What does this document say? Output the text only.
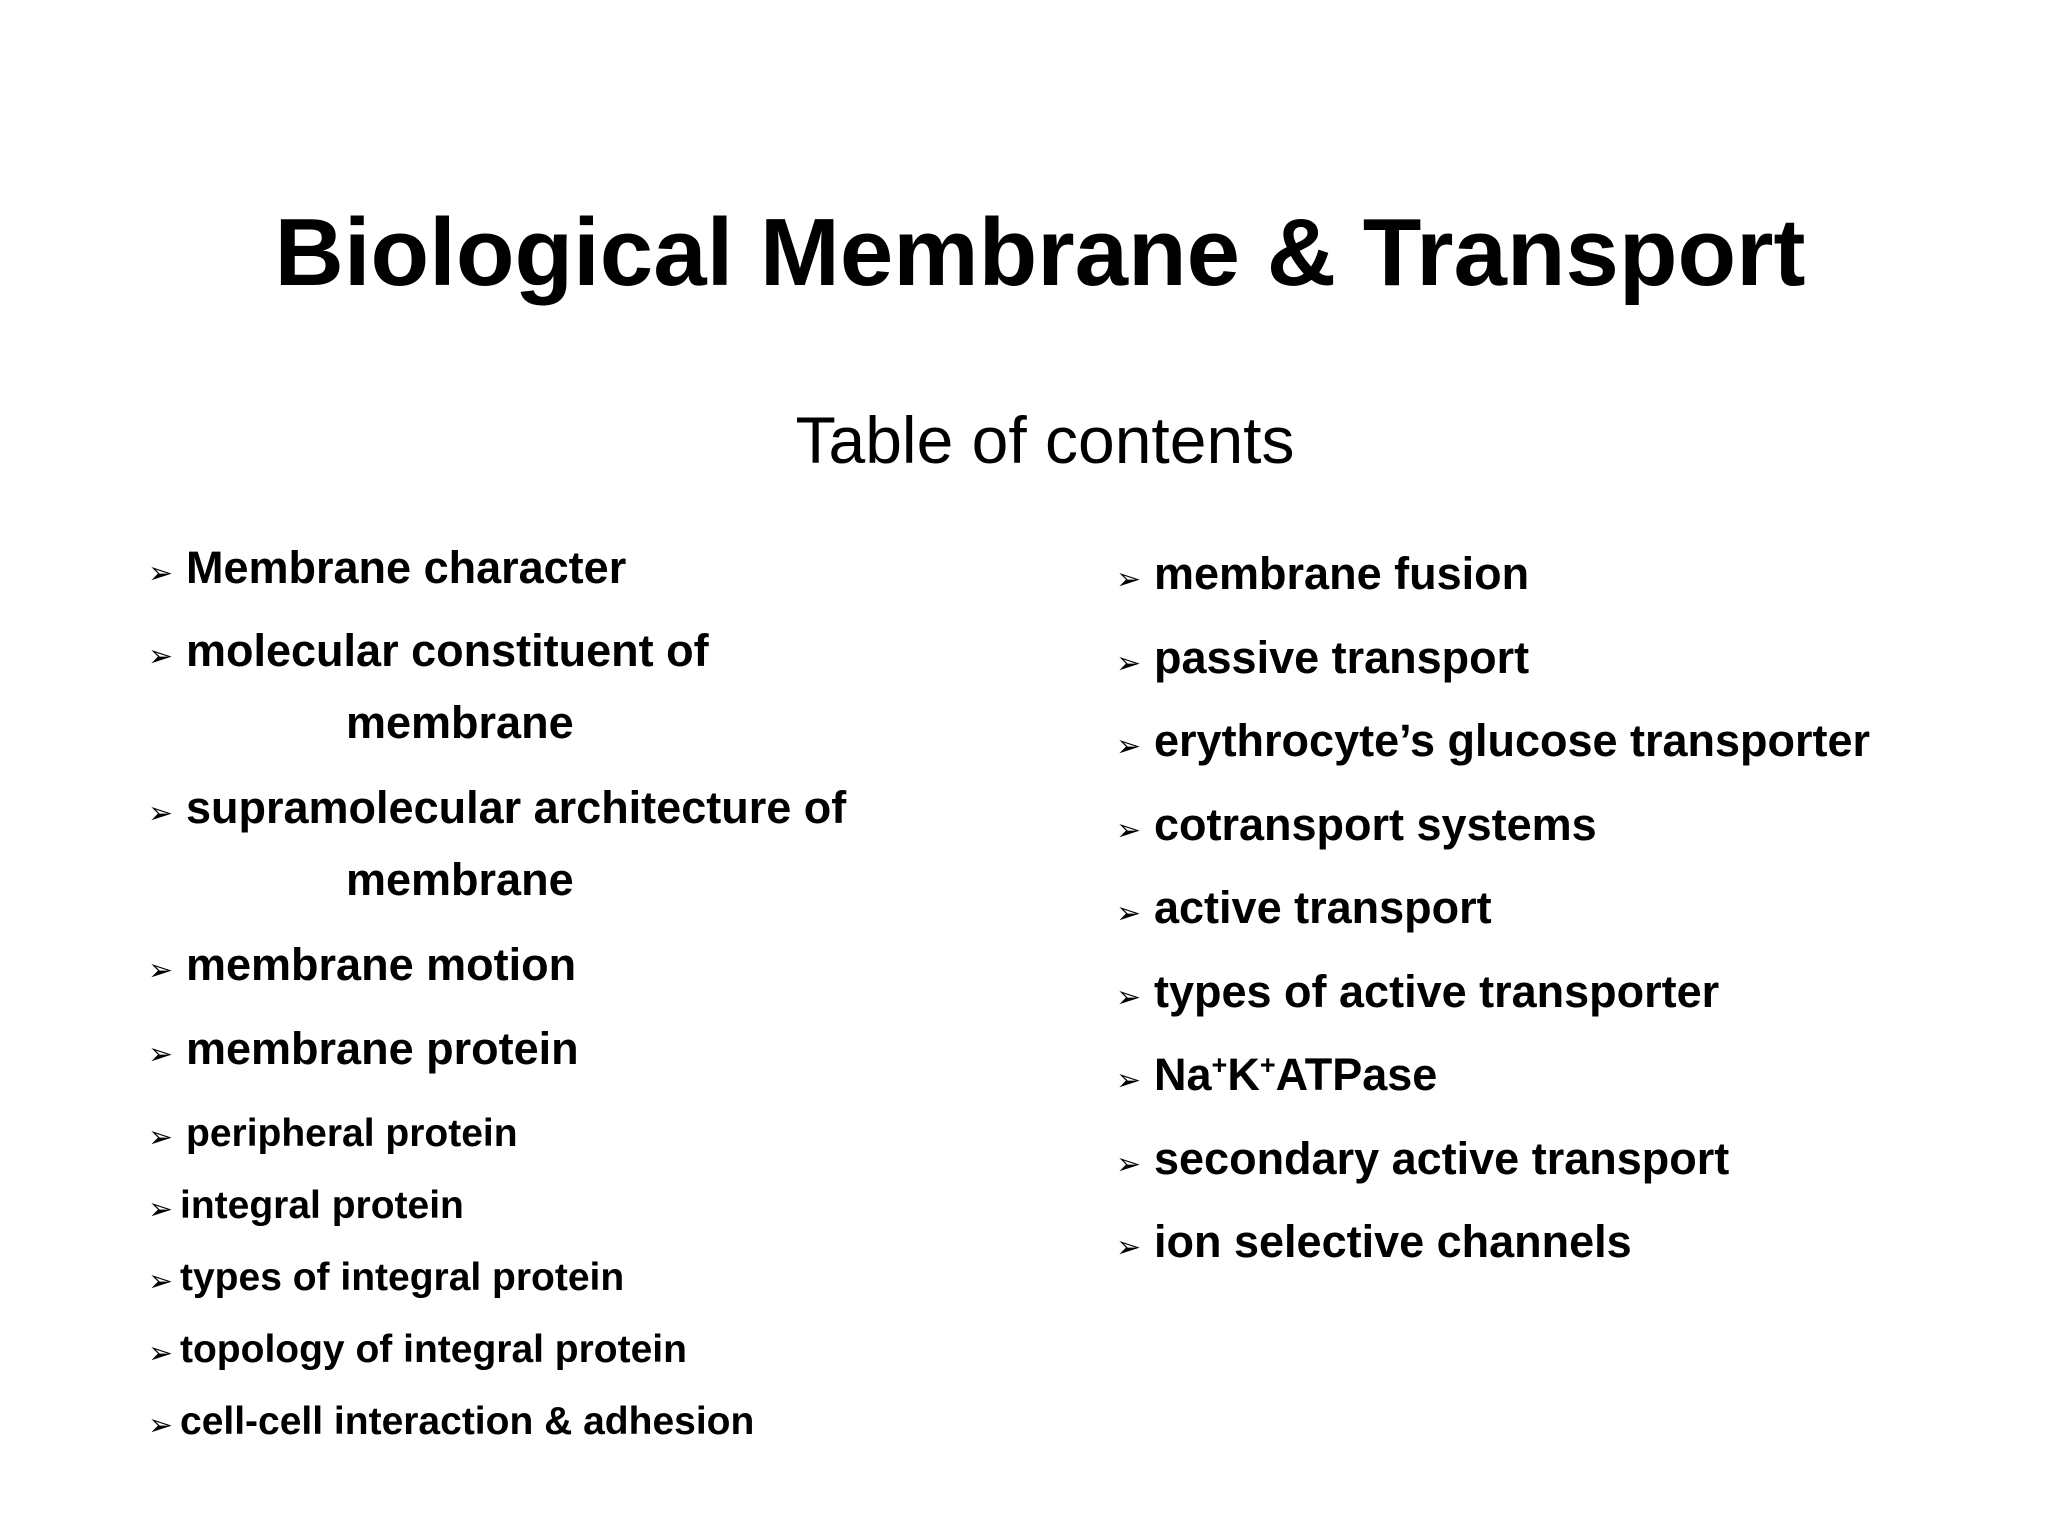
Biological Membrane & Transport
Table of contents
➢ Membrane character
➢ molecular constituent of
membrane
➢ supramolecular architecture of
membrane
➢ membrane motion
➢ membrane protein
➢ peripheral protein
➢ integral protein
➢ types of integral protein
➢ topology of integral protein
➢ cell-cell interaction & adhesion
➢ membrane fusion
➢ passive transport
➢ erythrocyte’s glucose transporter
➢ cotransport systems
➢ active transport
➢ types of active transporter
➢ Na+K+ATPase
➢ secondary active transport
➢ ion selective channels
